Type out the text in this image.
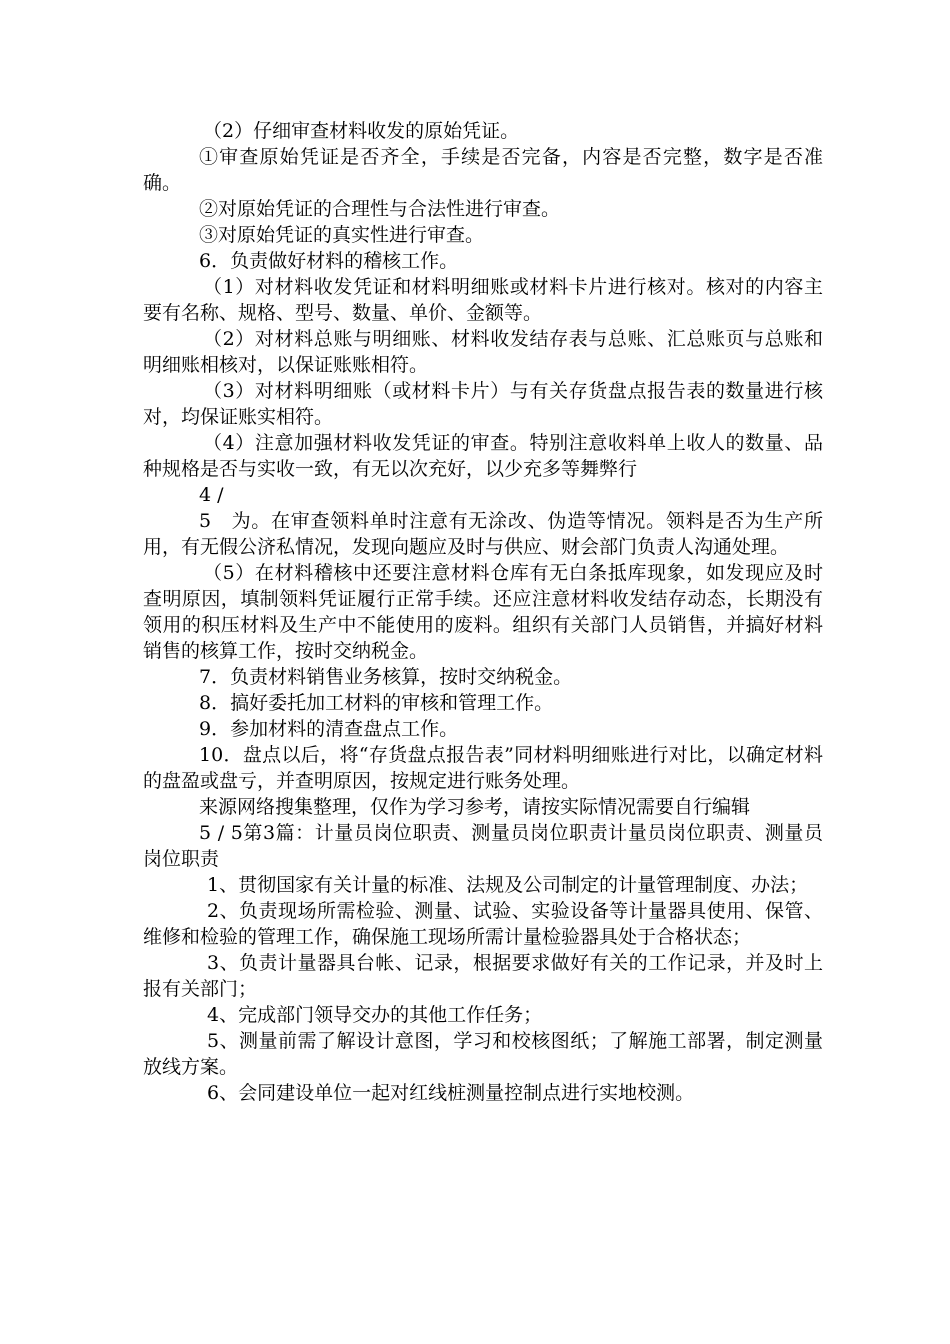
（2）仔细审查材料收发的原始凭证。

①审查原始凭证是否齐全，手续是否完备，内容是否完整，数字是否准确。

②对原始凭证的合理性与合法性进行审查。

③对原始凭证的真实性进行审查。

6．负责做好材料的稽核工作。

（1）对材料收发凭证和材料明细账或材料卡片进行核对。核对的内容主要有名称、规格、型号、数量、单价、金额等。

（2）对材料总账与明细账、材料收发结存表与总账、汇总账页与总账和明细账相核对，以保证账账相符。

（3）对材料明细账（或材料卡片）与有关存货盘点报告表的数量进行核对，均保证账实相符。

（4）注意加强材料收发凭证的审查。特别注意收料单上收人的数量、品种规格是否与实收一致，有无以次充好，以少充多等舞弊行

4 /

5　为。在审查领料单时注意有无涂改、伪造等情况。领料是否为生产所用，有无假公济私情况，发现向题应及时与供应、财会部门负责人沟通处理。

（5）在材料稽核中还要注意材料仓库有无白条抵库现象，如发现应及时查明原因，填制领料凭证履行正常手续。还应注意材料收发结存动态，长期没有领用的积压材料及生产中不能使用的废料。组织有关部门人员销售，并搞好材料销售的核算工作，按时交纳税金。

7．负责材料销售业务核算，按时交纳税金。

8．搞好委托加工材料的审核和管理工作。

9．参加材料的清查盘点工作。

10．盘点以后，将“存货盘点报告表”同材料明细账进行对比，以确定材料的盘盈或盘亏，并查明原因，按规定进行账务处理。

来源网络搜集整理，仅作为学习参考，请按实际情况需要自行编辑

5 / 5第3篇：计量员岗位职责、测量员岗位职责计量员岗位职责、测量员岗位职责

1、贯彻国家有关计量的标准、法规及公司制定的计量管理制度、办法；

2、负责现场所需检验、测量、试验、实验设备等计量器具使用、保管、维修和检验的管理工作，确保施工现场所需计量检验器具处于合格状态；

3、负责计量器具台帐、记录，根据要求做好有关的工作记录，并及时上报有关部门；

4、完成部门领导交办的其他工作任务；

5、测量前需了解设计意图，学习和校核图纸；了解施工部署，制定测量放线方案。

6、会同建设单位一起对红线桩测量控制点进行实地校测。
